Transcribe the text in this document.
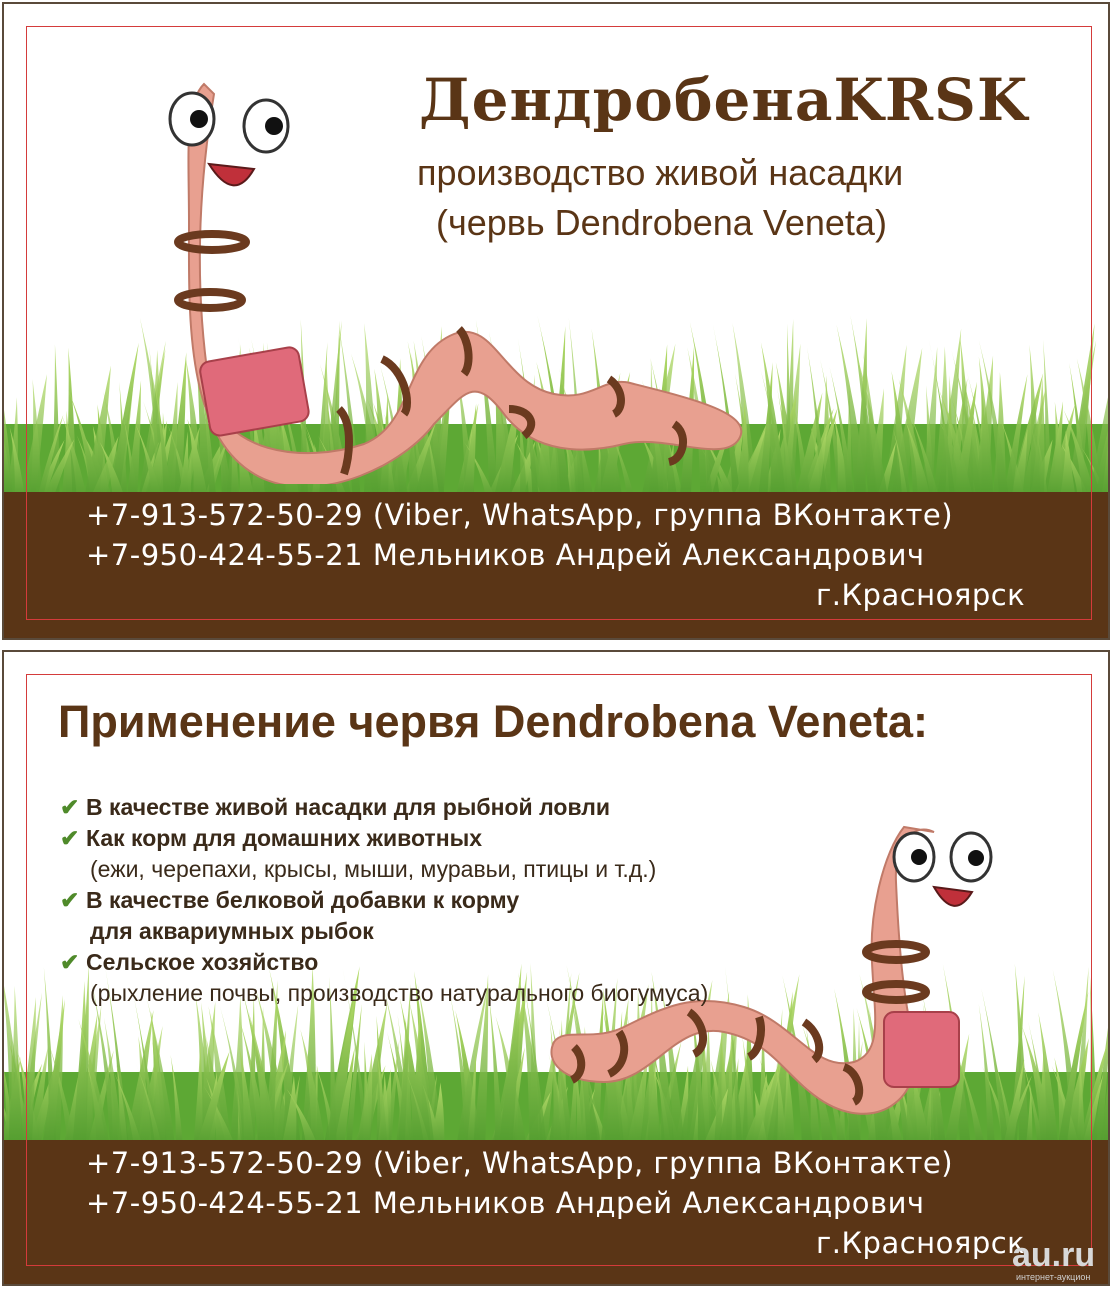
ДендробенаKRSK
производство живой насадки
(червь Dendrobena Veneta)
+7-913-572-50-29 (Viber, WhatsApp, группа ВКонтакте)
+7-950-424-55-21 Мельников Андрей Александрович
г.Красноярск
Применение червя Dendrobena Veneta:
✔ В качестве живой насадки для рыбной ловли
✔ Как корм для домашних животных
(ежи, черепахи, крысы, мыши, муравьи, птицы и т.д.)
✔ В качестве белковой добавки к корму
для аквариумных рыбок
✔ Сельское хозяйство
(рыхление почвы, производство натурального биогумуса)
+7-913-572-50-29 (Viber, WhatsApp, группа ВКонтакте)
+7-950-424-55-21 Мельников Андрей Александрович
г.Красноярск
au.ru
интернет-аукцион
